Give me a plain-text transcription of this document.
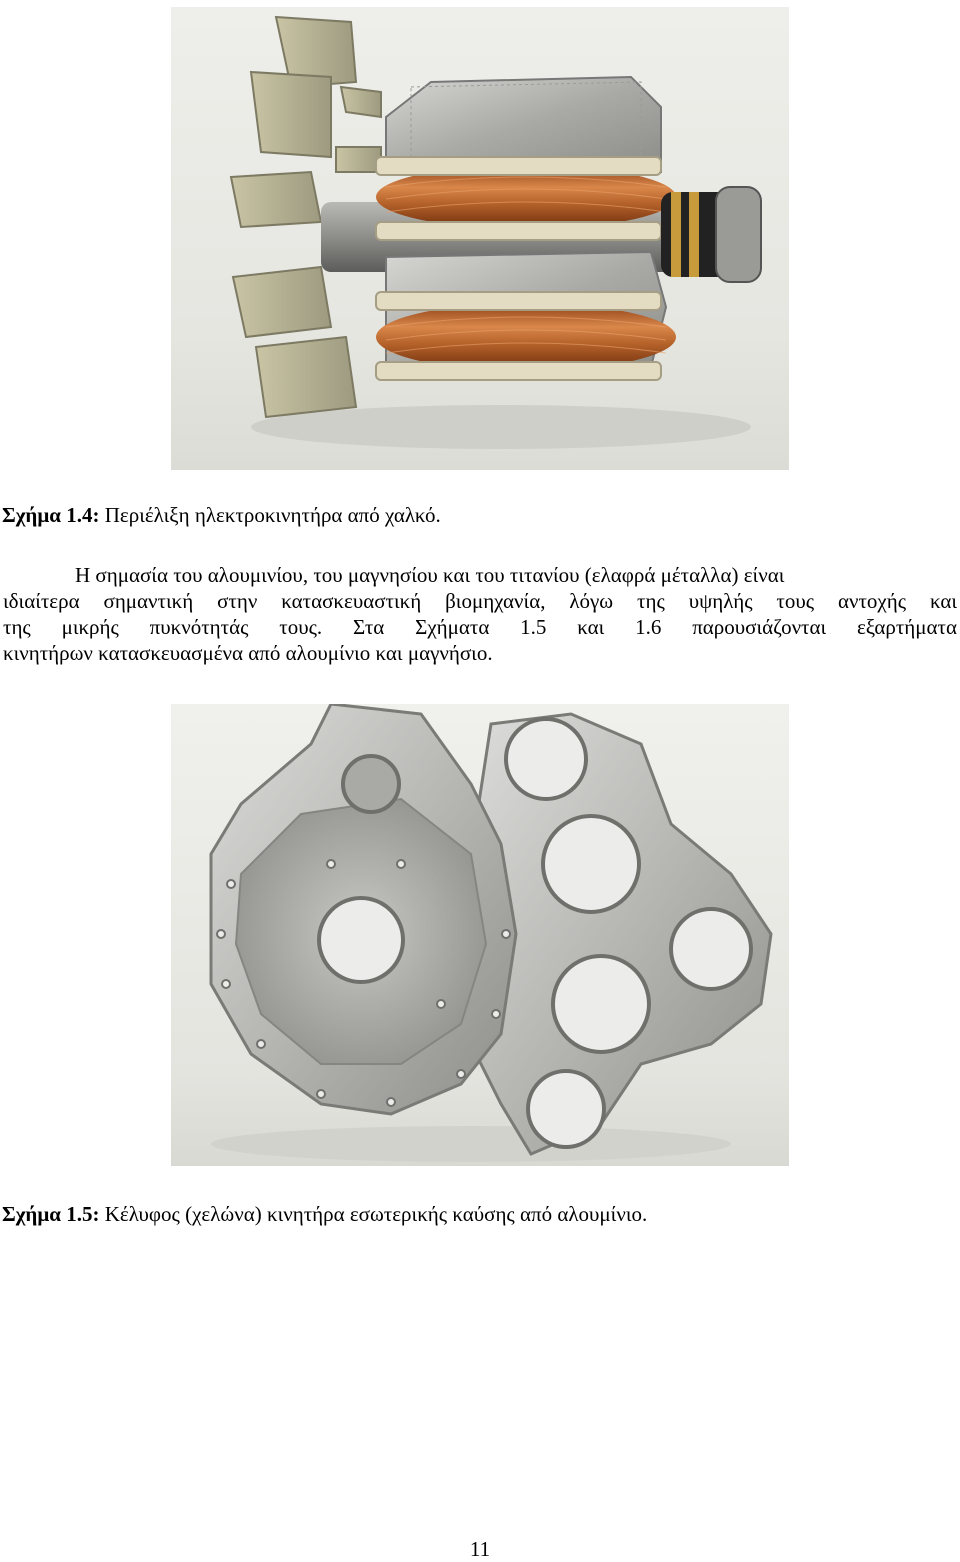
Σχήμα 1.4: Περιέλιξη ηλεκτροκινητήρα από χαλκό.
Η σημασία του αλουμινίου, του μαγνησίου και του τιτανίου (ελαφρά μέταλλα) είναι
ιδιαίτερα σημαντική στην κατασκευαστική βιομηχανία, λόγω της υψηλής τους αντοχής και
της μικρής πυκνότητάς τους. Στα Σχήματα 1.5 και 1.6 παρουσιάζονται εξαρτήματα
κινητήρων κατασκευασμένα από αλουμίνιο και μαγνήσιο.
Σχήμα 1.5: Κέλυφος (χελώνα) κινητήρα εσωτερικής καύσης από αλουμίνιο.
11
